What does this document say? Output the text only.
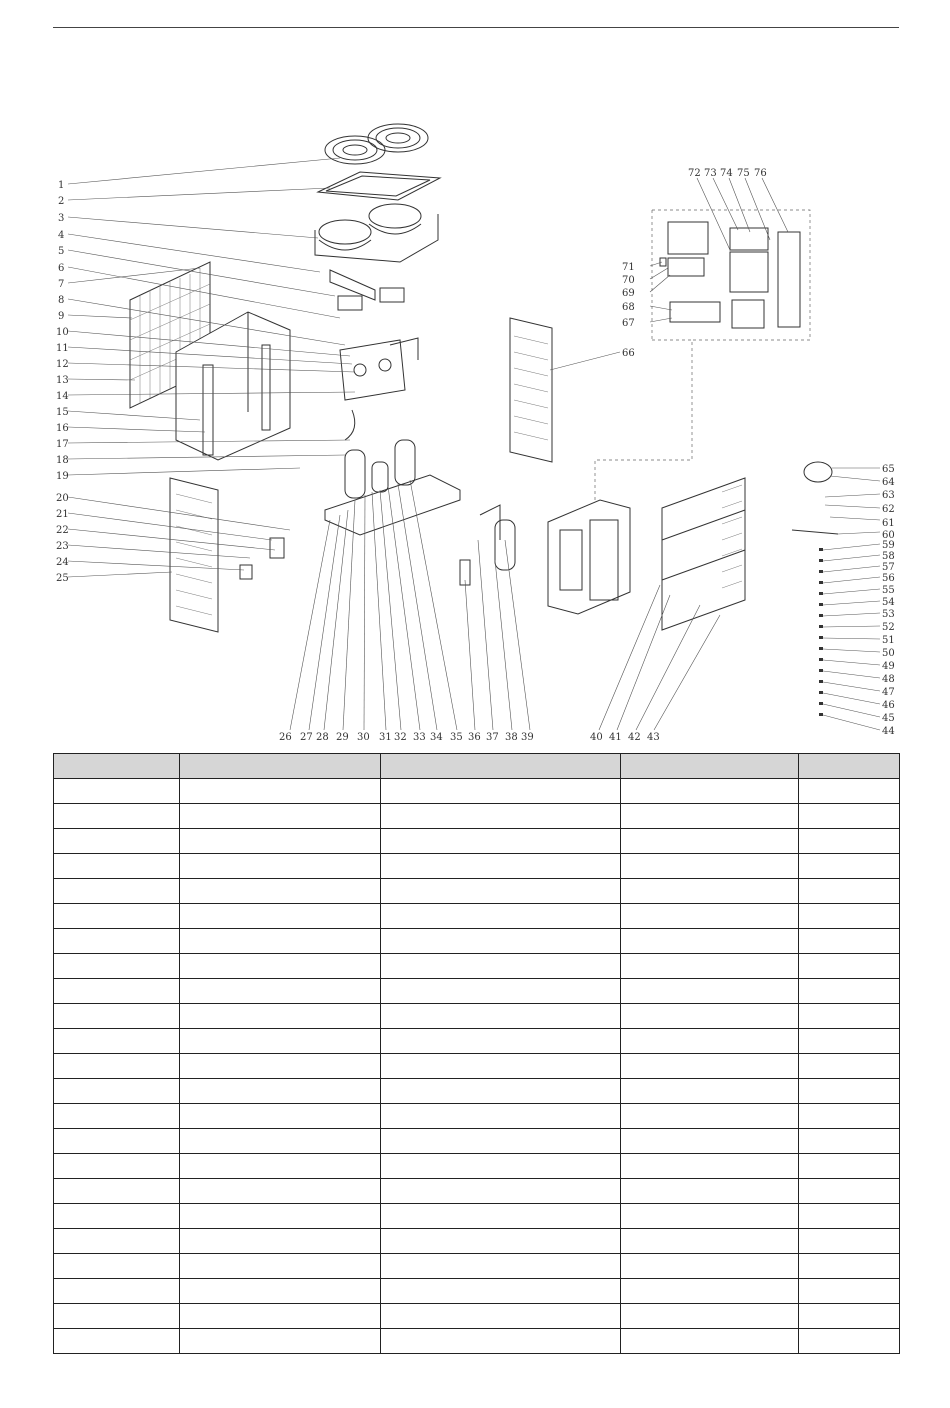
1
2
3
4
5
6
7
8
9
10
11
12
13
14
15
16
17
18
19
20
21
22
23
24
25
26 27 28 29 30 31 32 33 34 35 36 37 38 39	40 41 42 43
44
45
46
47
48
49
50
51
52
53
54
55
56
57
58
59
60
61
62
63
64
65
66
67
68
69
70
71
72 73 74 75 76
